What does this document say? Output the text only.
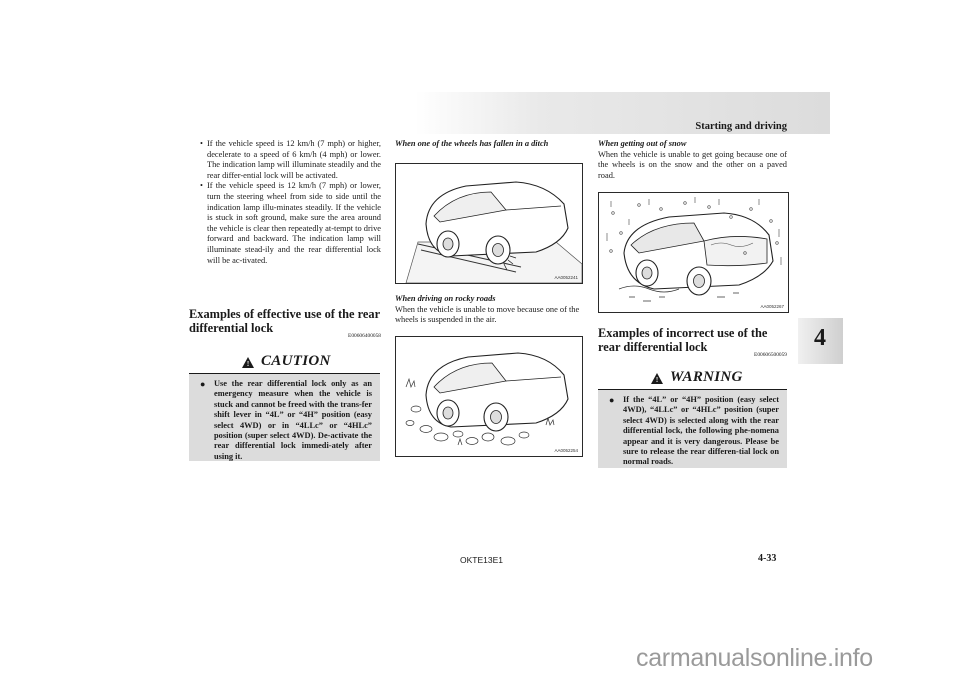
Starting and driving
4
• If the vehicle speed is 12 km/h (7 mph) or higher, decelerate to a speed of 6 km/h (4 mph) or lower. The indication lamp will illuminate steadily and the rear differ-ential lock will be activated.
• If the vehicle speed is 12 km/h (7 mph) or lower, turn the steering wheel from side to side until the indication lamp illu-minates steadily. If the vehicle is stuck in soft ground, make sure the area around the vehicle is clear then repeatedly at-tempt to drive forward and backward. The indication lamp will illuminate stead-ily and the rear differential lock will be ac-tivated.
Examples of effective use of the rear differential lock
E00606400058
! CAUTION
● Use the rear differential lock only as an emergency measure when the vehicle is stuck and cannot be freed with the trans-fer shift lever in “4L” or “4H” position (easy select 4WD) or in “4LLc” or “4HLc” position (super select 4WD). De-activate the rear differential lock immedi-ately after using it.
When one of the wheels has fallen in a ditch
AA0052241
When driving on rocky roads
When the vehicle is unable to move because one of the wheels is suspended in the air.
AA0052254
When getting out of snow
When the vehicle is unable to get going because one of the wheels is on the snow and the other on a paved road.
AA0052267
Examples of incorrect use of the rear differential lock
E00606500059
! WARNING
● If the “4L” or “4H” position (easy select 4WD), “4LLc” or “4HLc” position (super select 4WD) is selected along with the rear differential lock, the following phe-nomena appear and it is very dangerous. Please be sure to release the rear differen-tial lock on normal roads.
OKTE13E1	4-33
carmanualsonline.info
